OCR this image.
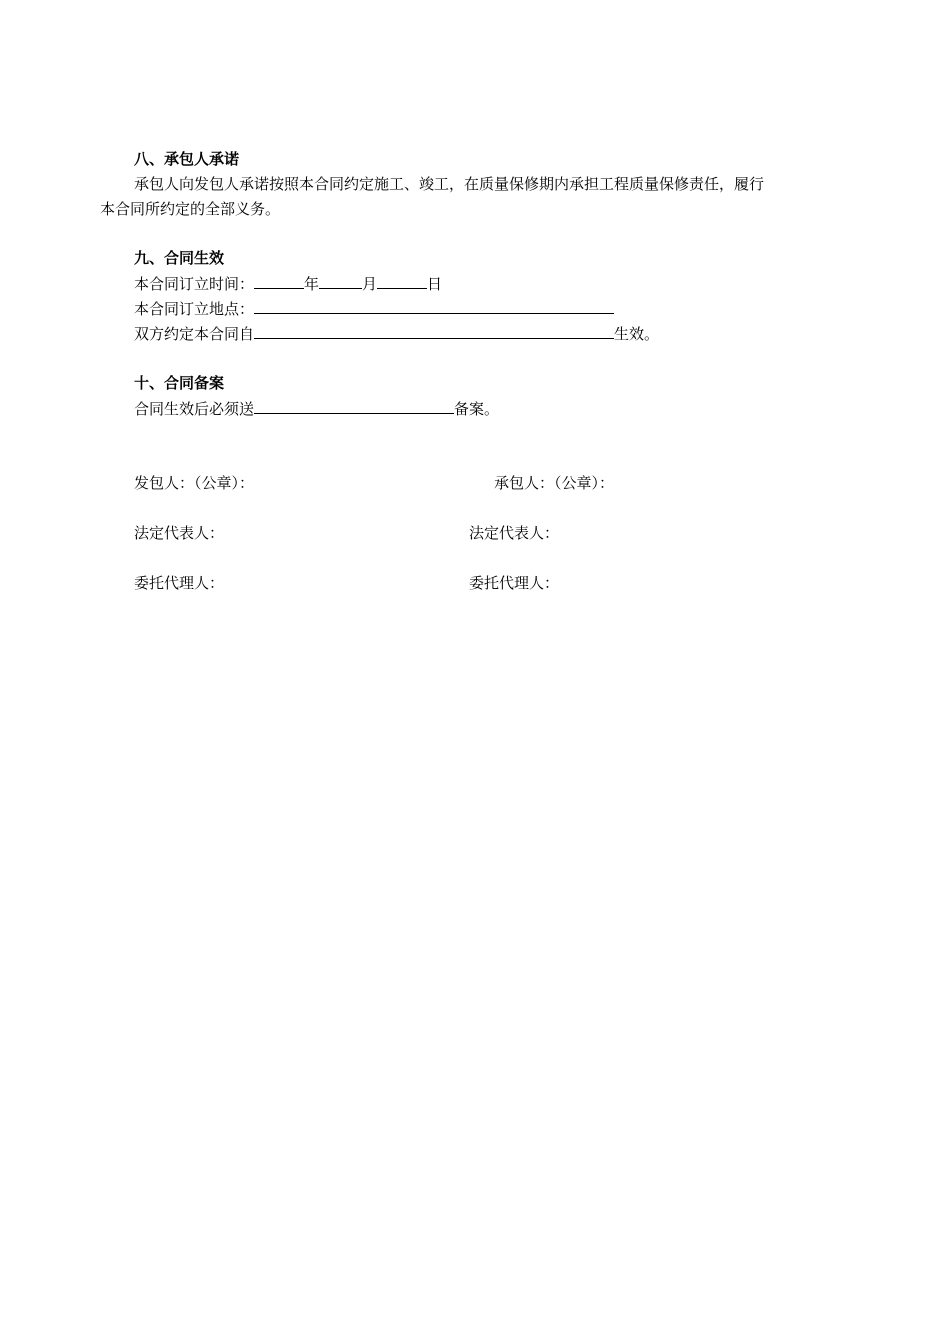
八、承包人承诺
承包人向发包人承诺按照本合同约定施工、竣工，在质量保修期内承担工程质量保修责任，履行
本合同所约定的全部义务。
九、合同生效
本合同订立时间：	年	月	日
本合同订立地点：
双方约定本合同自	生效。
十、合同备案
合同生效后必须送	备案。
发包人：（公章）：	承包人：（公章）：
法定代表人：	法定代表人：
委托代理人：	委托代理人：
